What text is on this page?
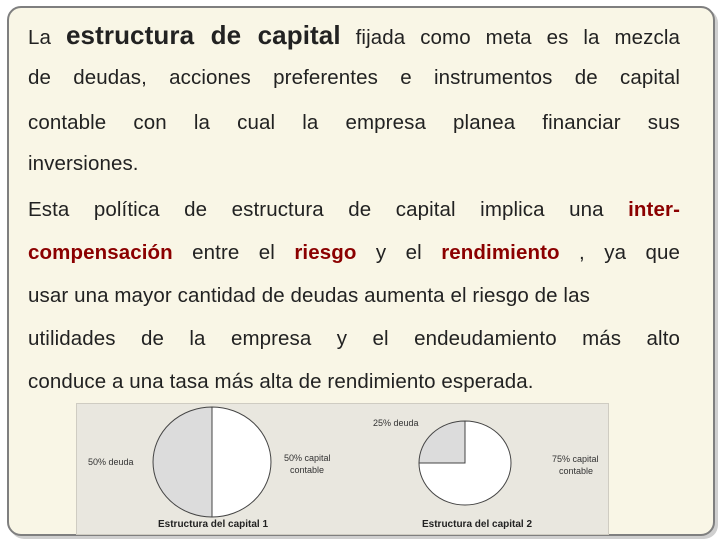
La estructura de capital fijada como meta es la mezcla
de deudas, acciones preferentes e instrumentos de capital
contable con la cual la empresa planea financiar sus
inversiones.
Esta política de estructura de capital implica una inter-
compensación entre el riesgo y el rendimiento , ya que
usar una mayor cantidad de deudas aumenta el riesgo de las
utilidades de la empresa y el endeudamiento más alto
conduce a una tasa más alta de rendimiento esperada.
50% deuda	50% capital
contable
Estructura del capital 1
25% deuda
75% capital
contable
Estructura del capital 2
